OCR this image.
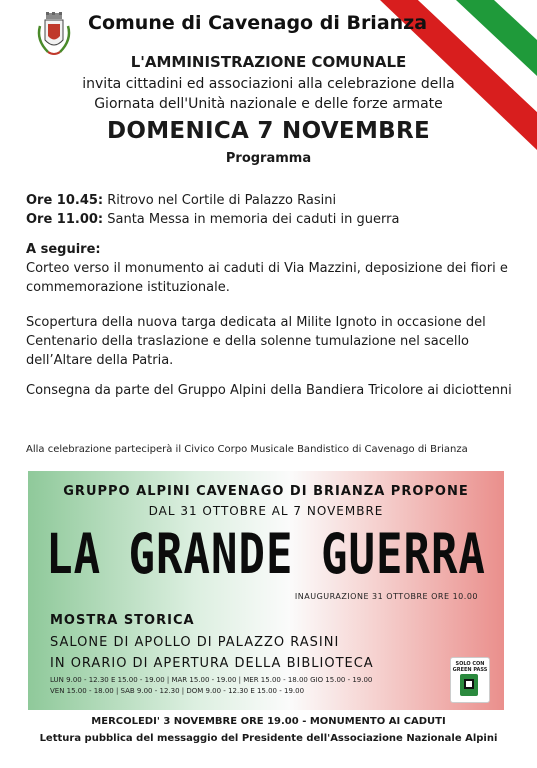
Comune di Cavenago di Brianza
L'AMMINISTRAZIONE COMUNALE
invita cittadini ed associazioni alla celebrazione della
Giornata dell'Unità nazionale e delle forze armate
DOMENICA 7 NOVEMBRE
Programma
Ore 10.45: Ritrovo nel Cortile di Palazzo Rasini
Ore 11.00: Santa Messa in memoria dei caduti in guerra
A seguire:
Corteo verso il monumento ai caduti di Via Mazzini, deposizione dei fiori e commemorazione istituzionale.
Scopertura della nuova targa dedicata al Milite Ignoto in occasione del Centenario della traslazione e della solenne tumulazione nel sacello dell’Altare della Patria.
Consegna da parte del Gruppo Alpini della Bandiera Tricolore ai diciottenni
Alla celebrazione parteciperà il Civico Corpo Musicale Bandistico di Cavenago di Brianza
GRUPPO ALPINI CAVENAGO DI BRIANZA PROPONE
DAL 31 OTTOBRE AL 7 NOVEMBRE
LA GRANDE GUERRA
INAUGURAZIONE 31 OTTOBRE ORE 10.00
MOSTRA STORICA
SALONE DI APOLLO DI PALAZZO RASINI
IN ORARIO DI APERTURA DELLA BIBLIOTECA
LUN 9.00 - 12.30 E 15.00 - 19.00 | MAR 15.00 - 19.00 | MER 15.00 - 18.00 GIO 15.00 - 19.00
VEN 15.00 - 18.00 | SAB 9.00 - 12.30 | DOM 9.00 - 12.30 E 15.00 - 19.00
SOLO CON GREEN PASS
MERCOLEDI' 3 NOVEMBRE ORE 19.00 - MONUMENTO AI CADUTI
Lettura pubblica del messaggio del Presidente dell'Associazione Nazionale Alpini
